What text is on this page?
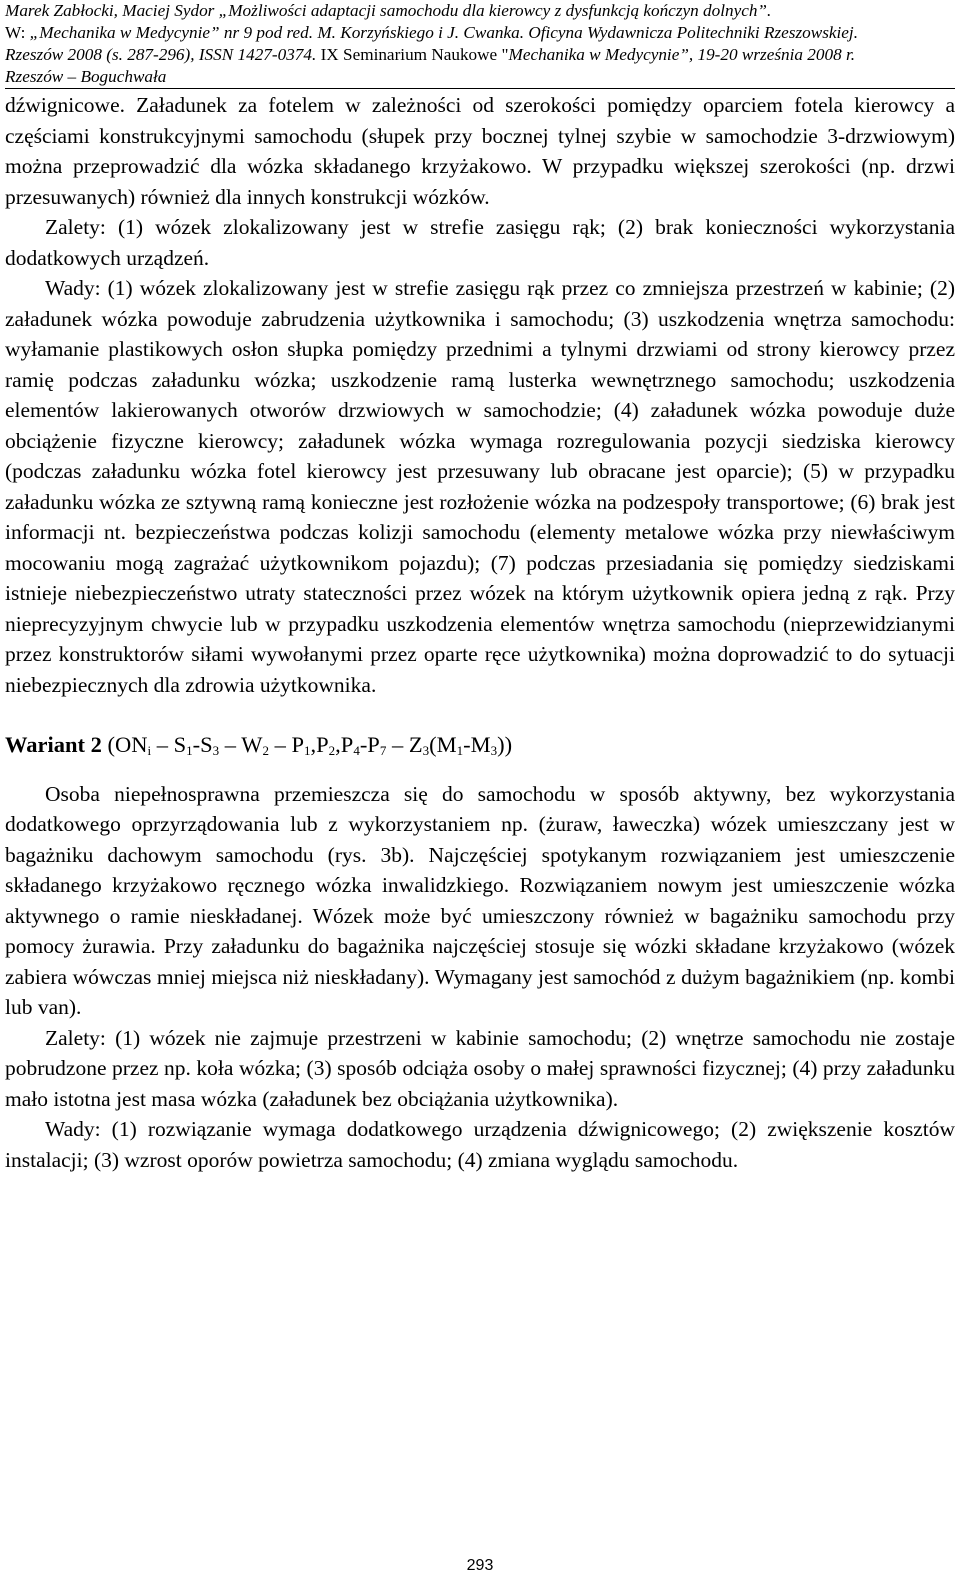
Marek Zabłocki, Maciej Sydor „Możliwości adaptacji samochodu dla kierowcy z dysfunkcją kończyn dolnych”.
W: „Mechanika w Medycynie” nr 9 pod red. M. Korzyńskiego i J. Cwanka. Oficyna Wydawnicza Politechniki Rzeszowskiej.
Rzeszów 2008 (s. 287-296), ISSN 1427-0374. IX Seminarium Naukowe "Mechanika w Medycynie”, 19-20 września 2008 r.
Rzeszów – Boguchwała

dźwignicowe. Załadunek za fotelem w zależności od szerokości pomiędzy oparciem fotela kierowcy a częściami konstrukcyjnymi samochodu (słupek przy bocznej tylnej szybie w samochodzie 3-drzwiowym) można przeprowadzić dla wózka składanego krzyżakowo. W przypadku większej szerokości (np. drzwi przesuwanych) również dla innych konstrukcji wózków.

Zalety: (1) wózek zlokalizowany jest w strefie zasięgu rąk; (2) brak konieczności wykorzystania dodatkowych urządzeń.

Wady: (1) wózek zlokalizowany jest w strefie zasięgu rąk przez co zmniejsza przestrzeń w kabinie; (2) załadunek wózka powoduje zabrudzenia użytkownika i samochodu; (3) uszkodzenia wnętrza samochodu: wyłamanie plastikowych osłon słupka pomiędzy przednimi a tylnymi drzwiami od strony kierowcy przez ramię podczas załadunku wózka; uszkodzenie ramą lusterka wewnętrznego samochodu; uszkodzenia elementów lakierowanych otworów drzwiowych w samochodzie; (4) załadunek wózka powoduje duże obciążenie fizyczne kierowcy; załadunek wózka wymaga rozregulowania pozycji siedziska kierowcy (podczas załadunku wózka fotel kierowcy jest przesuwany lub obracane jest oparcie); (5) w przypadku załadunku wózka ze sztywną ramą konieczne jest rozłożenie wózka na podzespoły transportowe; (6) brak jest informacji nt. bezpieczeństwa podczas kolizji samochodu (elementy metalowe wózka przy niewłaściwym mocowaniu mogą zagrażać użytkownikom pojazdu); (7) podczas przesiadania się pomiędzy siedziskami istnieje niebezpieczeństwo utraty stateczności przez wózek na którym użytkownik opiera jedną z rąk. Przy nieprecyzyjnym chwycie lub w przypadku uszkodzenia elementów wnętrza samochodu (nieprzewidzianymi przez konstruktorów siłami wywołanymi przez oparte ręce użytkownika) można doprowadzić to do sytuacji niebezpiecznych dla zdrowia użytkownika.

Wariant 2 $(ON_i - S_1-S_3 - W_2 - P_1,P_2,P_4-P_7 - Z_3(M_1-M_3))$

Osoba niepełnosprawna przemieszcza się do samochodu w sposób aktywny, bez wykorzystania dodatkowego oprzyrządowania lub z wykorzystaniem np. (żuraw, ławeczka) wózek umieszczany jest w bagażniku dachowym samochodu (rys. 3b). Najczęściej spotykanym rozwiązaniem jest umieszczenie składanego krzyżakowo ręcznego wózka inwalidzkiego. Rozwiązaniem nowym jest umieszczenie wózka aktywnego o ramie nieskładanej. Wózek może być umieszczony również w bagażniku samochodu przy pomocy żurawia. Przy załadunku do bagażnika najczęściej stosuje się wózki składane krzyżakowo (wózek zabiera wówczas mniej miejsca niż nieskładany). Wymagany jest samochód z dużym bagażnikiem (np. kombi lub van).

Zalety: (1) wózek nie zajmuje przestrzeni w kabinie samochodu; (2) wnętrze samochodu nie zostaje pobrudzone przez np. koła wózka; (3) sposób odciąża osoby o małej sprawności fizycznej; (4) przy załadunku mało istotna jest masa wózka (załadunek bez obciążania użytkownika).

Wady: (1) rozwiązanie wymaga dodatkowego urządzenia dźwignicowego; (2) zwiększenie kosztów instalacji; (3) wzrost oporów powietrza samochodu; (4) zmiana wyglądu samochodu.

293
